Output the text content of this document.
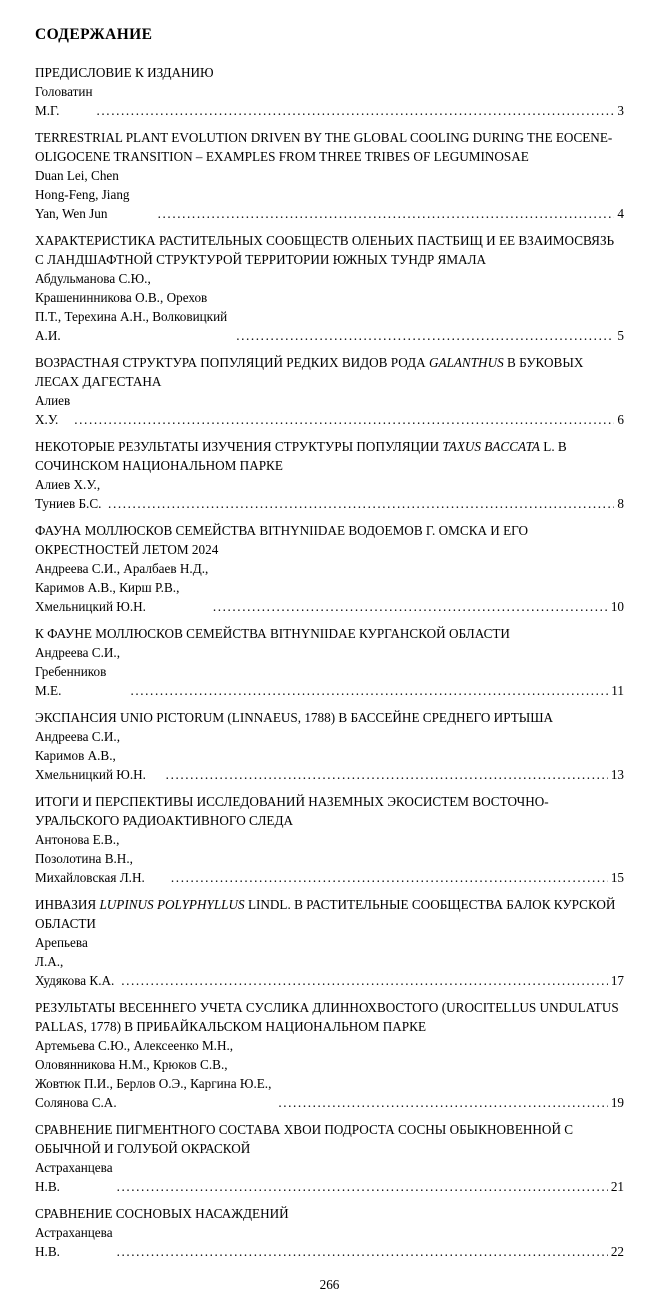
СОДЕРЖАНИЕ
ПРЕДИСЛОВИЕ К ИЗДАНИЮ
Головатин М.Г. .....	3
TERRESTRIAL PLANT EVOLUTION DRIVEN BY THE GLOBAL COOLING DURING THE EOCENE-OLIGOCENE TRANSITION – EXAMPLES FROM THREE TRIBES OF LEGUMINOSAE
Duan Lei, Chen Hong-Feng, Jiang Yan, Wen Jun .....	4
ХАРАКТЕРИСТИКА РАСТИТЕЛЬНЫХ СООБЩЕСТВ ОЛЕНЬИХ ПАСТБИЩ И ЕЕ ВЗАИМОСВЯЗЬ С ЛАНДШАФТНОЙ СТРУКТУРОЙ ТЕРРИТОРИИ ЮЖНЫХ ТУНДР ЯМАЛА
Абдульманова С.Ю., Крашенинникова О.В., Орехов П.Т., Терехина А.Н., Волковицкий А.И. .....	5
ВОЗРАСТНАЯ СТРУКТУРА ПОПУЛЯЦИЙ РЕДКИХ ВИДОВ РОДА GALANTHUS В БУКОВЫХ ЛЕСАХ ДАГЕСТАНА
Алиев Х.У. .....	6
НЕКОТОРЫЕ РЕЗУЛЬТАТЫ ИЗУЧЕНИЯ СТРУКТУРЫ ПОПУЛЯЦИИ TAXUS BACCATA L. В СОЧИНСКОМ НАЦИОНАЛЬНОМ ПАРКЕ
Алиев Х.У., Туниев Б.С. .....	8
ФАУНА МОЛЛЮСКОВ СЕМЕЙСТВА BITHYNIIDAE ВОДОЕМОВ Г. ОМСКА И ЕГО ОКРЕСТНОСТЕЙ ЛЕТОМ 2024
Андреева С.И., Аралбаев Н.Д., Каримов А.В., Кирш Р.В., Хмельницкий Ю.Н. .....	10
К ФАУНЕ МОЛЛЮСКОВ СЕМЕЙСТВА BITHYNIIDAE КУРГАНСКОЙ ОБЛАСТИ
Андреева С.И., Гребенников М.Е. .....	11
ЭКСПАНСИЯ UNIO PICTORUM (LINNAEUS, 1788) В БАССЕЙНЕ СРЕДНЕГО ИРТЫША
Андреева С.И., Каримов А.В., Хмельницкий Ю.Н. .....	13
ИТОГИ И ПЕРСПЕКТИВЫ ИССЛЕДОВАНИЙ НАЗЕМНЫХ ЭКОСИСТЕМ ВОСТОЧНО-УРАЛЬСКОГО РАДИОАКТИВНОГО СЛЕДА
Антонова Е.В., Позолотина В.Н., Михайловская Л.Н. .....	15
ИНВАЗИЯ LUPINUS POLYPHYLLUS LINDL. В РАСТИТЕЛЬНЫЕ СООБЩЕСТВА БАЛОК КУРСКОЙ ОБЛАСТИ
Арепьева Л.А., Худякова К.А. .....	17
РЕЗУЛЬТАТЫ ВЕСЕННЕГО УЧЕТА СУСЛИКА ДЛИННОХВОСТОГО (UROCITELLUS UNDULATUS PALLAS, 1778) В ПРИБАЙКАЛЬСКОМ НАЦИОНАЛЬНОМ ПАРКЕ
Артемьева С.Ю., Алексеенко М.Н., Оловянникова Н.М., Крюков С.В., Жовтюк П.И., Берлов О.Э., Каргина Ю.Е., Солянова С.А. .....	19
СРАВНЕНИЕ ПИГМЕНТНОГО СОСТАВА ХВОИ ПОДРОСТА СОСНЫ ОБЫКНОВЕННОЙ С ОБЫЧНОЙ И ГОЛУБОЙ ОКРАСКОЙ
Астраханцева Н.В. .....	21
СРАВНЕНИЕ СОСНОВЫХ НАСАЖДЕНИЙ
Астраханцева Н.В. .....	22
266
